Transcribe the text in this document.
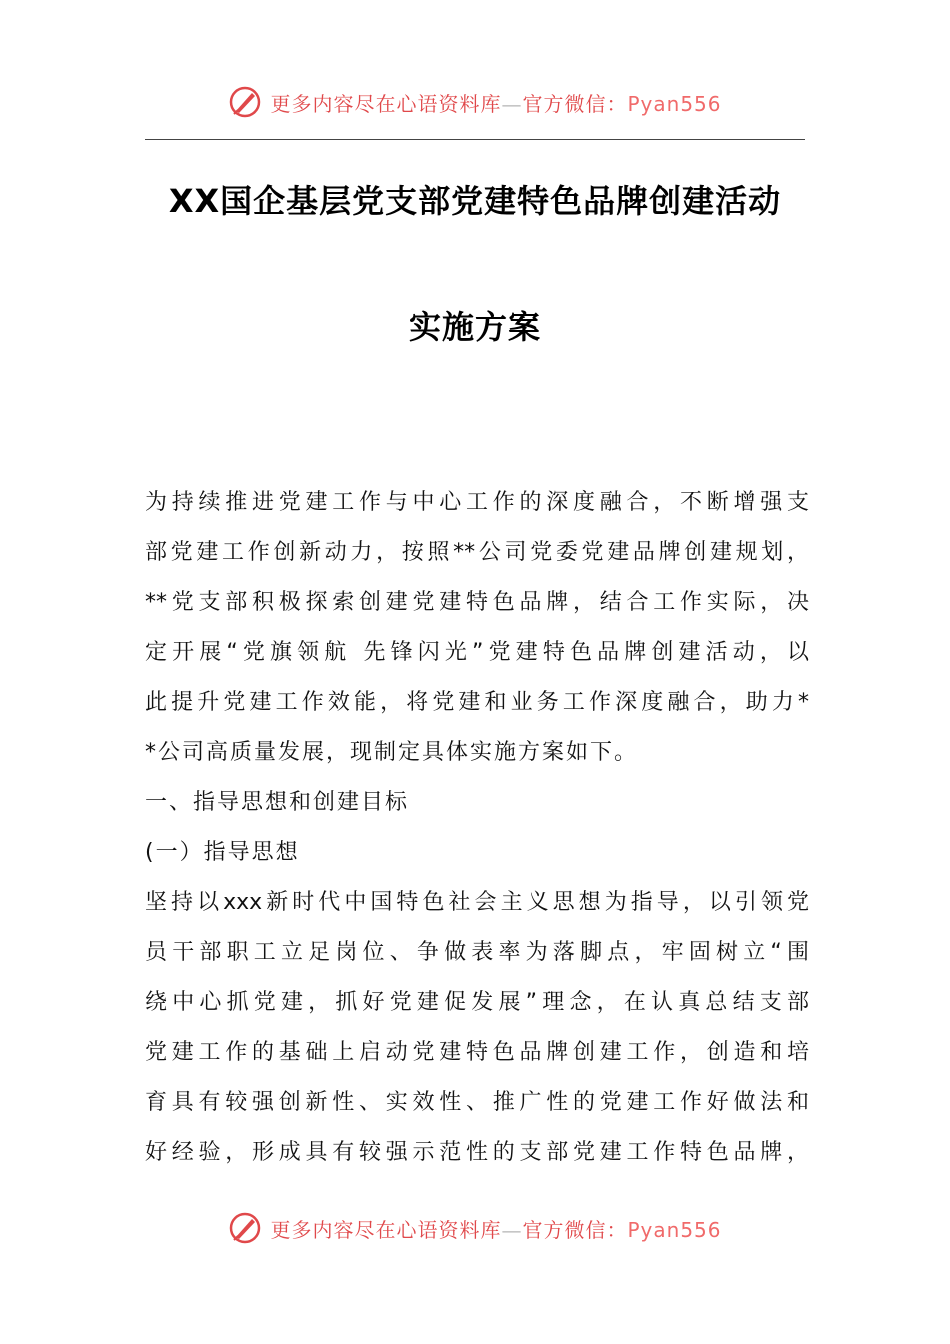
更多内容尽在心语资料库—官方微信：Pyan556
XX国企基层党支部党建特色品牌创建活动
实施方案
为持续推进党建工作与中心工作的深度融合，不断增强支
部党建工作创新动力，按照**公司党委党建品牌创建规划，
**党支部积极探索创建党建特色品牌，结合工作实际，决
定开展“党旗领航 先锋闪光”党建特色品牌创建活动，以
此提升党建工作效能，将党建和业务工作深度融合，助力*
*公司高质量发展，现制定具体实施方案如下。
一、指导思想和创建目标
(一）指导思想
坚持以xxx新时代中国特色社会主义思想为指导，以引领党
员干部职工立足岗位、争做表率为落脚点，牢固树立“围
绕中心抓党建，抓好党建促发展”理念，在认真总结支部
党建工作的基础上启动党建特色品牌创建工作，创造和培
育具有较强创新性、实效性、推广性的党建工作好做法和
好经验，形成具有较强示范性的支部党建工作特色品牌，
更多内容尽在心语资料库—官方微信：Pyan556
